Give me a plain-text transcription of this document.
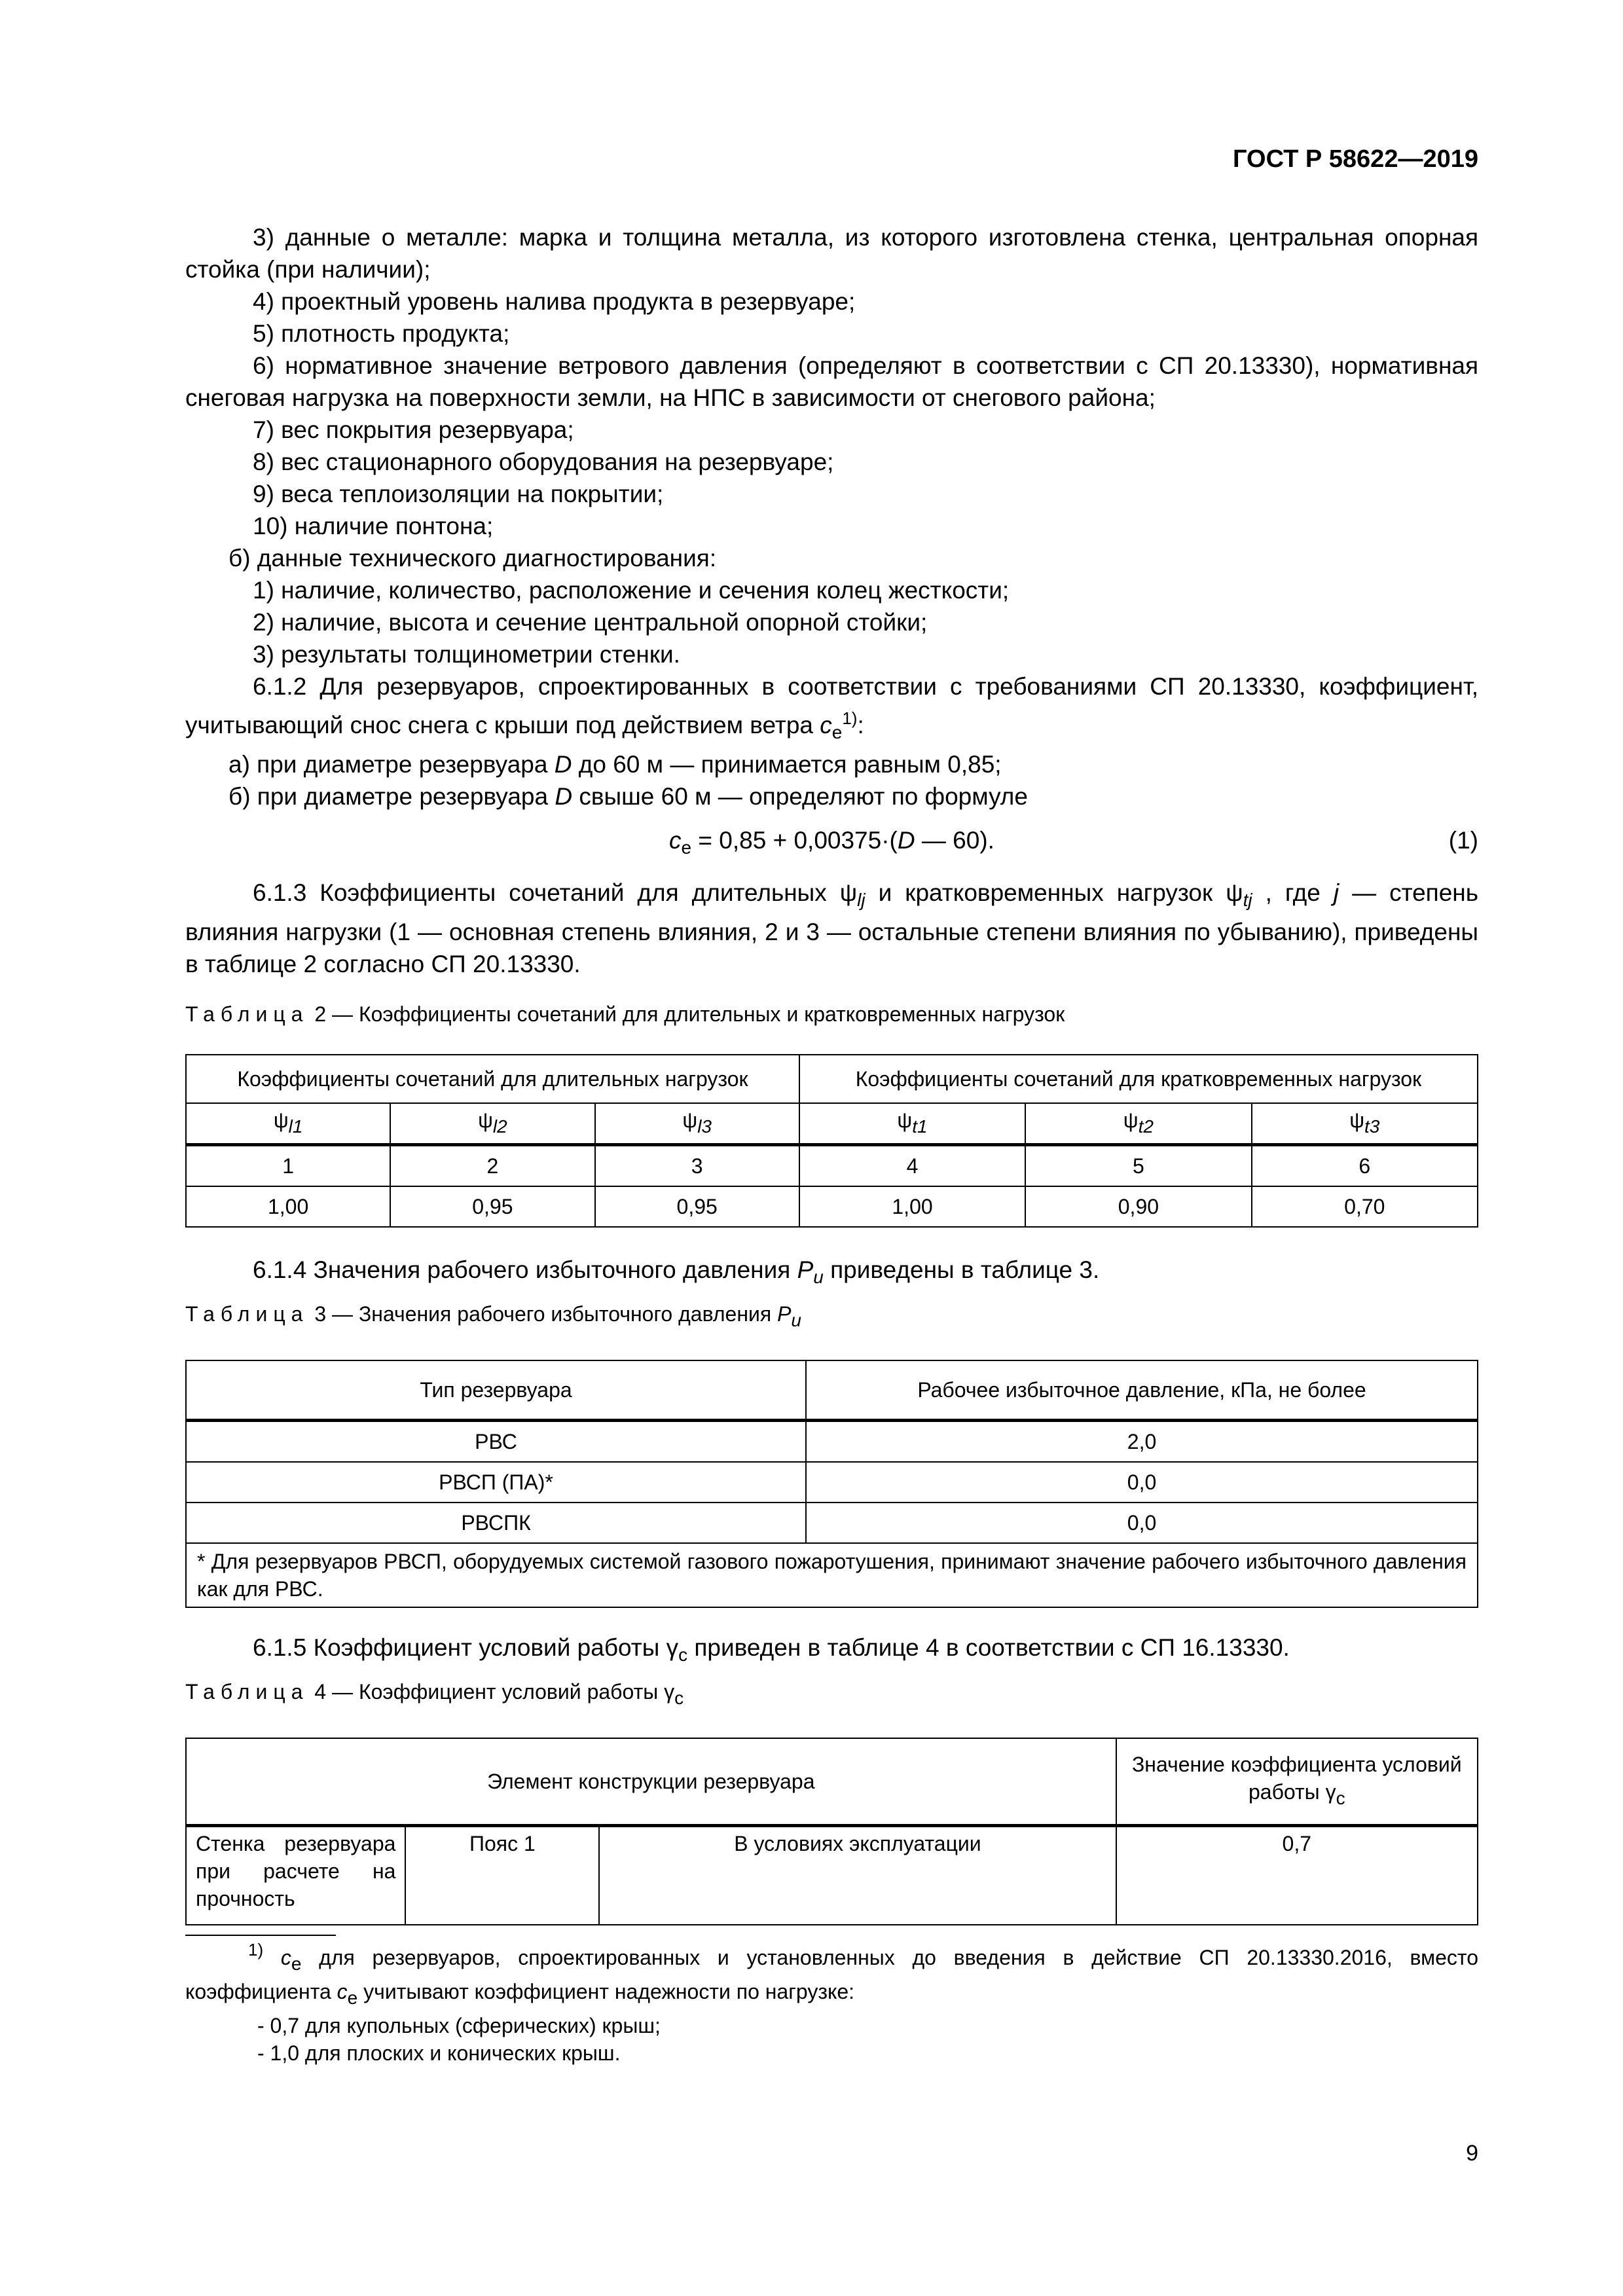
ГОСТ Р 58622—2019

3) данные о металле: марка и толщина металла, из которого изготовлена стенка, центральная опорная стойка (при наличии);

4) проектный уровень налива продукта в резервуаре;

5) плотность продукта;

6) нормативное значение ветрового давления (определяют в соответствии с СП 20.13330), нормативная снеговая нагрузка на поверхности земли, на НПС в зависимости от снегового района;

7) вес покрытия резервуара;

8) вес стационарного оборудования на резервуаре;

9) веса теплоизоляции на покрытии;

10) наличие понтона;

б) данные технического диагностирования:

1) наличие, количество, расположение и сечения колец жесткости;

2) наличие, высота и сечение центральной опорной стойки;

3) результаты толщинометрии стенки.

6.1.2 Для резервуаров, спроектированных в соответствии с требованиями СП 20.13330, коэффициент, учитывающий снос снега с крыши под действием ветра $c_e^{1)}$:

а) при диаметре резервуара D до 60 м — принимается равным 0,85;

б) при диаметре резервуара D свыше 60 м — определяют по формуле

$c_e = 0,85 + 0,00375\cdot(D$ — 60).	(1)

6.1.3 Коэффициенты сочетаний для длительных $\psi_{lj}$ и кратковременных нагрузок $\psi_{tj}$ , где j — степень влияния нагрузки (1 — основная степень влияния, 2 и 3 — остальные степени влияния по убыванию), приведены в таблице 2 согласно СП 20.13330.

Таблица 2 — Коэффициенты сочетаний для длительных и кратковременных нагрузок
Коэффициенты сочетаний для длительных нагрузок			Коэффициенты сочетаний для кратковременных нагрузок		
ψl1	ψl2	ψl3	ψt1	ψt2	ψt3
1	2	3	4	5	6
1,00	0,95	0,95	1,00	0,90	0,70

6.1.4 Значения рабочего избыточного давления $P_u$ приведены в таблице 3.

Таблица 3 — Значения рабочего избыточного давления Pu
Тип резервуара	Рабочее избыточное давление, кПа, не более
РВС	2,0
РВСП (ПА)*	0,0
РВСПК	0,0
* Для резервуаров РВСП, оборудуемых системой газового пожаротушения, принимают значение рабочего избыточного давления как для РВС.	

6.1.5 Коэффициент условий работы $\gamma_c$ приведен в таблице 4 в соответствии с СП 16.13330.

Таблица 4 — Коэффициент условий работы γc
Элемент конструкции резервуара			Значение коэффициента условий работы γc
Стенка резервуара при расчете на прочность	Пояс 1	В условиях эксплуатации	0,7

$^{1)}$ ce для резервуаров, спроектированных и установленных до введения в действие СП 20.13330.2016, вместо коэффициента ce учитывают коэффициент надежности по нагрузке:

- 0,7 для купольных (сферических) крыш;

- 1,0 для плоских и конических крыш.

9
